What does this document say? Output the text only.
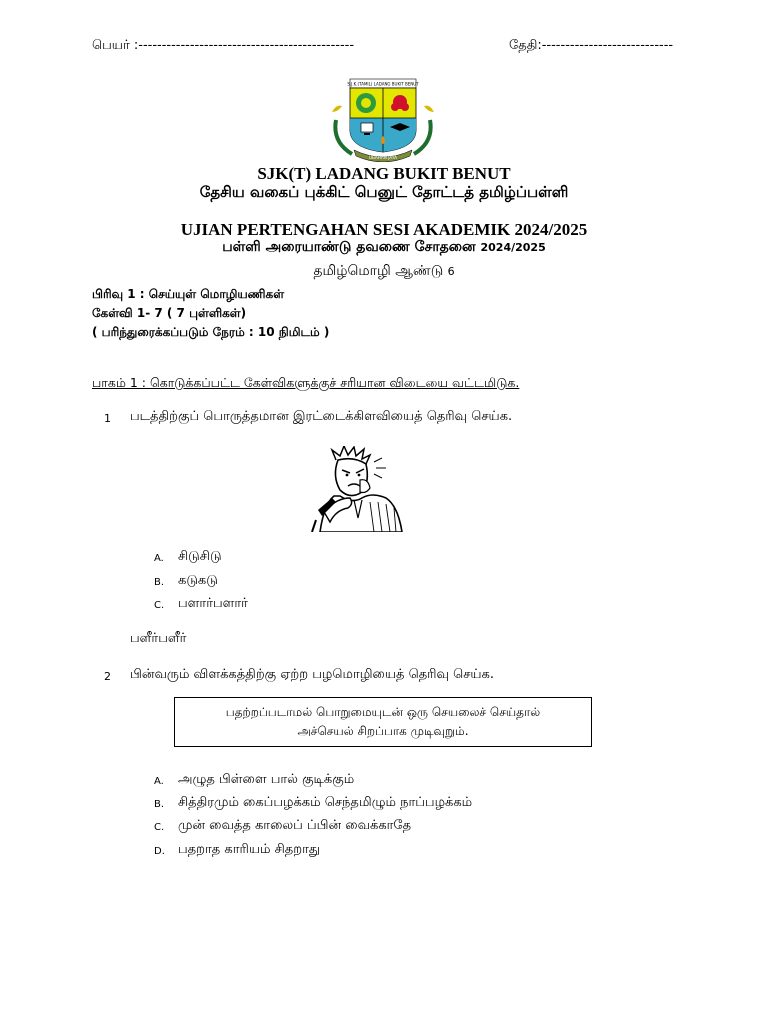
பெயர் :----------------------------------------------	தேதி:----------------------------
S.J.K.(TAMIL) LADANG BUKIT BENUT
UBAHAN JAYA
SJK(T) LADANG BUKIT BENUT
தேசிய வகைப் புக்கிட் பெனுட் தோட்டத் தமிழ்ப்பள்ளி
UJIAN PERTENGAHAN SESI AKADEMIK 2024/2025
பள்ளி அரையாண்டு தவணை சோதனை 2024/2025
தமிழ்மொழி ஆண்டு 6
பிரிவு 1 : செய்யுள் மொழியணிகள்
கேள்வி 1- 7 ( 7 புள்ளிகள்)
( பரிந்துரைக்கப்படும் நேரம் : 10 நிமிடம் )
பாகம் 1 : கொடுக்கப்பட்ட கேள்விகளுக்குச் சரியான விடையை வட்டமிடுக.
1 படத்திற்குப் பொருத்தமான இரட்டைக்கிளவியைத் தெரிவு செய்க.
A. சிடுசிடு
B. கடுகடு
C. பளார்பளார்
பளீர்பளீர்
2 பின்வரும் விளக்கத்திற்கு ஏற்ற பழமொழியைத் தெரிவு செய்க.
பதற்றப்படாமல் பொறுமையுடன் ஒரு செயலைச் செய்தால்
அச்செயல் சிறப்பாக முடிவுறும்.
A. அழுத பிள்ளை பால் குடிக்கும்
B. சித்திரமும் கைப்பழக்கம் செந்தமிழும் நாப்பழக்கம்
C. முன் வைத்த காலைப் ப்பின் வைக்காதே
D. பதறாத காரியம் சிதறாது
